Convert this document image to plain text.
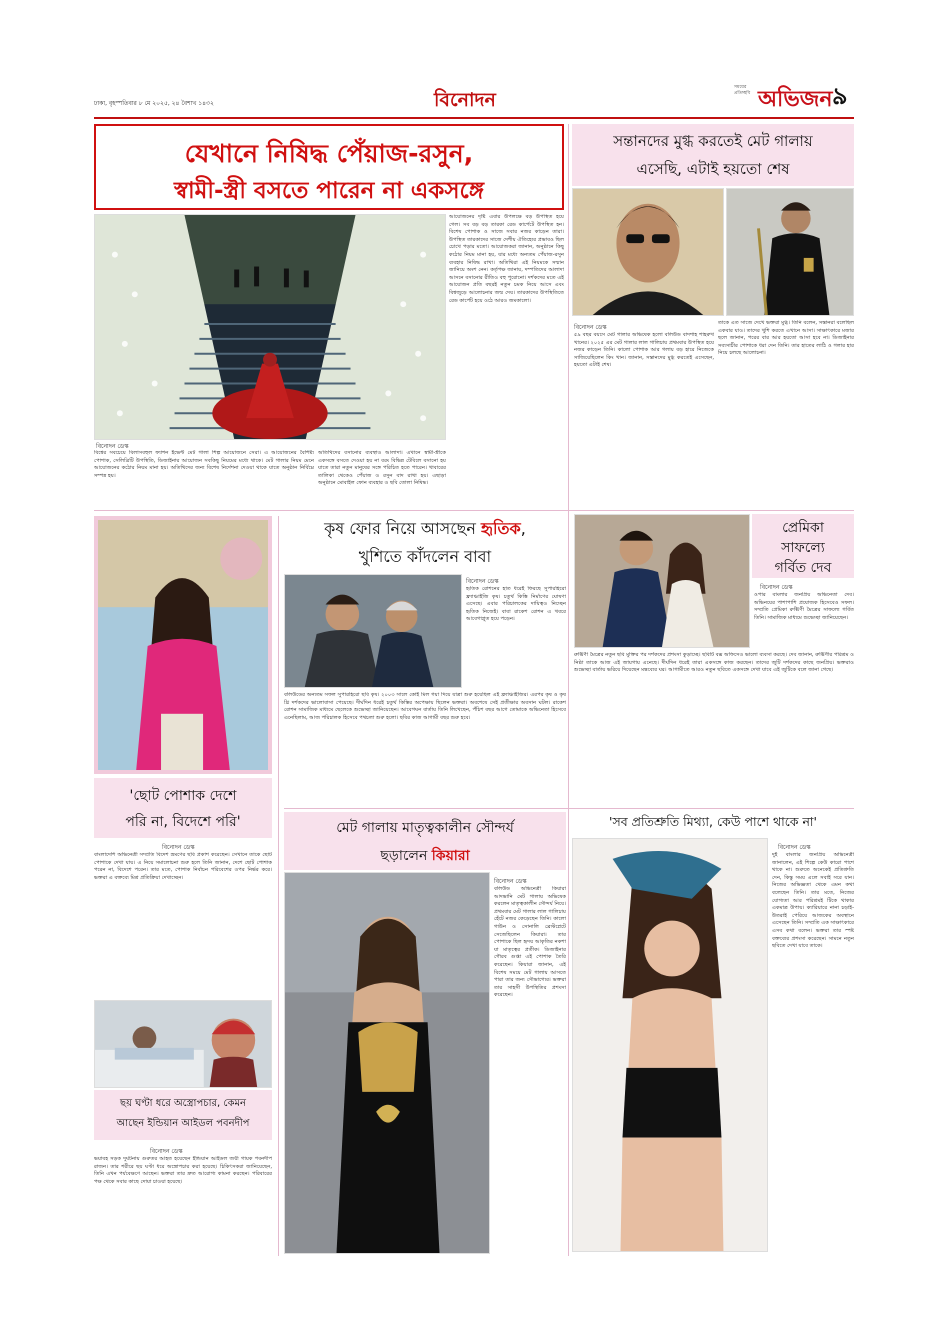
ঢাকা, বৃহস্পতিবার ৮ মে ২০২৫, ২৪ বৈশাখ ১৪৩২	বিনোদন
সময়ের প্রতিচ্ছবি অভিজন ৯
যেখানে নিষিদ্ধ পেঁয়াজ-রসুন,
স্বামী-স্ত্রী বসতে পারেন না একসঙ্গে
বিনোদন ডেস্ক
আয়োজনের দৃষ্টি এবার উপলক্ষে বড় উপস্থিত হয়ে গেল। সব বড় বড় তারকা রেড কার্পেটে উপস্থিত হন। বিশেষ পোশাক ও সাজে সবার নজর কাড়েন তারা। উপস্থিত তারকাদের সাজে দেশীয় ঐতিহ্যের প্রভাবও ছিল চোখে পড়ার মতো। আয়োজকরা জানান, অনুষ্ঠানে কিছু কঠোর নিয়ম মানা হয়, যার মধ্যে অন্যতম পেঁয়াজ-রসুন ব্যবহার নিষিদ্ধ রাখা। অতিথিরা এই নিয়মকে সম্মান জানিয়ে অংশ নেন। কর্তৃপক্ষ জানায়, দম্পতিদের আলাদা আসনে বসানোর রীতিও বহু পুরোনো। দর্শকদের মতে এই আয়োজন প্রতি বছরই নতুন চমক নিয়ে আসে এবং বিশ্বজুড়ে আলোচনার জন্ম দেয়। তারকাদের উপস্থিতিতে রেড কার্পেট হয়ে ওঠে আরও জমকালো।
বিশ্বের সবচেয়ে বিলাসবহুল ফ্যাশন ইভেন্ট মেট গালা শিল্প আয়োজনে সেরা। এ আয়োজনের বৈশিষ্ট্য পোশাক, সেলিব্রিটি উপস্থিতি, ডিজাইনার আয়োজন সবকিছু নিয়মের মধ্যে থাকে। মেট গালার নিয়ম মেনে আয়োজনের কঠোর নিয়ম মানা হয়। অতিথিদের জন্য বিশেষ নির্দেশনা দেওয়া থাকে যাতে অনুষ্ঠান নির্বিঘ্নে সম্পন্ন হয়।
অতিথিদের বসানোর ব্যবস্থাও আলাদা। এখানে স্বামী-স্ত্রীকে একসঙ্গে বসতে দেওয়া হয় না বরং বিভিন্ন টেবিলে বসানো হয় যাতে তারা নতুন মানুষের সঙ্গে পরিচিত হতে পারেন। খাবারের তালিকা থেকেও পেঁয়াজ ও রসুন বাদ রাখা হয়। এছাড়া অনুষ্ঠানে মোবাইল ফোন ব্যবহার ও ছবি তোলা নিষিদ্ধ।
সন্তানদের মুগ্ধ করতেই মেট গালায়
এসেছি, এটাই হয়তো শেষ
বিনোদন ডেস্ক
৫৯ বছর বয়সে মেট গালার অভিষেক হলো বলিউড বাদশাহ শাহরুখ খানের। ২০২৫ এর মেট গালার লাল গালিচায় প্রথমবার উপস্থিত হয়ে নজর কাড়েন তিনি। কালো পোশাক আর গলায় বড় হারে নিজেকে সাজিয়েছিলেন কিং খান। জানান, সন্তানদের মুগ্ধ করতেই এসেছেন, হয়তো এটাই শেষ।
তাকে এত সাজে দেখে ভক্তরা মুগ্ধ। তিনি বলেন, সন্তানরা বলেছিল একবার যাও। তাদের খুশি করতে এখানে আসা। সাক্ষাৎকারে মজার ছলে জানান, পরের বার আর হয়তো আসা হবে না। ডিজাইনার সব্যসাচীর পোশাকে ধরা দেন তিনি। তার হাতের লাঠি ও গলার হার নিয়ে চলছে আলোচনা।
'ছোট পোশাক দেশে
পরি না, বিদেশে পরি'
বিনোদন ডেস্ক
বাংলাদেশি অভিনেত্রী সম্প্রতি বিদেশ ভ্রমণের ছবি প্রকাশ করেছেন। সেখানে তাকে ছোট পোশাকে দেখা যায়। এ নিয়ে সমালোচনা শুরু হলে তিনি জানান, দেশে ছোট পোশাক পরেন না, বিদেশে পরেন। তার মতে, পোশাক নির্বাচন পরিবেশের ওপর নির্ভর করে। ভক্তরা এ বক্তব্যে মিশ্র প্রতিক্রিয়া দেখাচ্ছেন।
কৃষ ফোর নিয়ে আসছেন হৃতিক,
খুশিতে কাঁদলেন বাবা
বিনোদন ডেস্ক
হৃতিক রোশনের হাত ধরেই ফিরছে সুপারহিরো ফ্র্যাঞ্চাইজি কৃষ। চতুর্থ কিস্তি নির্মাণের ঘোষণা এসেছে। এবার পরিচালকের দায়িত্বও নিচ্ছেন হৃতিক নিজেই। বাবা রাকেশ রোশন এ খবরে আবেগাপ্লুত হয়ে পড়েন।
বলিউডের অন্যতম সফল সুপারহিরো ছবি কৃষ। ২০০৩ সালে কোই মিল গয়া দিয়ে যাত্রা শুরু হয়েছিল এই ফ্র্যাঞ্চাইজির। এরপর কৃষ ও কৃষ থ্রি দর্শকদের ভালোবাসা পেয়েছে। দীর্ঘদিন ধরেই চতুর্থ কিস্তির অপেক্ষায় ছিলেন ভক্তরা। অবশেষে সেই প্রতীক্ষার অবসান ঘটল। রাকেশ রোশন সামাজিক মাধ্যমে ছেলেকে শুভেচ্ছা জানিয়েছেন। আবেগঘন বার্তায় তিনি লিখেছেন, পঁচিশ বছর আগে তোমাকে অভিনেতা হিসেবে এনেছিলাম, আজ পরিচালক হিসেবে পথচলা শুরু হলো। ছবির কাজ আগামী বছর শুরু হবে।
প্রেমিকা
সাফল্যে
গর্বিত দেব
বিনোদন ডেস্ক
ওপার বাংলার জনপ্রিয় অভিনেতা দেব। অভিনয়ের পাশাপাশি প্রযোজক হিসেবেও সফল। সম্প্রতি প্রেমিকা রুক্মিণী মৈত্রের সাফল্যে গর্বিত তিনি। সামাজিক মাধ্যমে শুভেচ্ছা জানিয়েছেন।
রুক্মিণী মৈত্রের নতুন ছবি মুক্তির পর দর্শকদের প্রশংসা কুড়াচ্ছে। ছবিটি বক্স অফিসেও ভালো ব্যবসা করছে। দেব জানান, রুক্মিণীর পরিশ্রম ও নিষ্ঠা তাকে আজ এই জায়গায় এনেছে। দীর্ঘদিন ধরেই তারা একসঙ্গে কাজ করছেন। তাদের জুটি দর্শকদের কাছে জনপ্রিয়। ভক্তরাও শুভেচ্ছা বার্তায় ভরিয়ে দিয়েছেন মন্তব্যের ঘর। আগামীতে আরও নতুন ছবিতে একসঙ্গে দেখা যাবে এই জুটিকে বলে জানা গেছে।
মেট গালায় মাতৃত্বকালীন সৌন্দর্য
ছড়ালেন কিয়ারা
বিনোদন ডেস্ক
বলিউড অভিনেত্রী কিয়ারা আদভানি মেট গালায় অভিষেক করলেন মাতৃত্বকালীন সৌন্দর্য নিয়ে। প্রথমবার মেট গালার লাল গালিচায় হেঁটে নজর কেড়েছেন তিনি। কালো গাউন ও সোনালি ব্রেস্টপ্লেটে সেজেছিলেন কিয়ারা। তার পোশাকে ছিল হৃদয় আকৃতির নকশা যা মাতৃত্বের প্রতীক। ডিজাইনার গৌরব গুপ্তা এই পোশাক তৈরি করেছেন। কিয়ারা জানান, এই বিশেষ সময়ে মেট গালায় আসতে পারা তার জন্য সৌভাগ্যের। ভক্তরা তার সাহসী উপস্থিতির প্রশংসা করেছেন।
ছয় ঘণ্টা ধরে অস্ত্রোপচার, কেমন
আছেন ইন্ডিয়ান আইডল পবনদীপ
বিনোদন ডেস্ক
ভয়াবহ সড়ক দুর্ঘটনায় গুরুতর আহত হয়েছেন ইন্ডিয়ান আইডল জয়ী গায়ক পবনদীপ রাজন। তার শরীরে ছয় ঘণ্টা ধরে অস্ত্রোপচার করা হয়েছে। চিকিৎসকরা জানিয়েছেন, তিনি এখন পর্যবেক্ষণে আছেন। ভক্তরা তার দ্রুত আরোগ্য কামনা করছেন। পরিবারের পক্ষ থেকে সবার কাছে দোয়া চাওয়া হয়েছে।
'সব প্রতিশ্রুতি মিথ্যা, কেউ পাশে থাকে না'
বিনোদন ডেস্ক
দুই বাংলার জনপ্রিয় অভিনেত্রী জানালেন, এই শিল্পে কেউ কারো পাশে থাকে না। শুরুতে অনেকেই প্রতিশ্রুতি দেন, কিন্তু সময় এলে সবাই সরে যান। নিজের অভিজ্ঞতা থেকে এমন কথা বলেছেন তিনি। তার মতে, নিজের যোগ্যতা আর পরিশ্রমই টিকে থাকার একমাত্র উপায়। ক্যারিয়ারে নানা চড়াই-উতরাই পেরিয়ে আজকের অবস্থানে এসেছেন তিনি। সম্প্রতি এক সাক্ষাৎকারে এসব কথা বলেন। ভক্তরা তার স্পষ্ট বক্তব্যের প্রশংসা করেছেন। সামনে নতুন ছবিতে দেখা যাবে তাকে।
